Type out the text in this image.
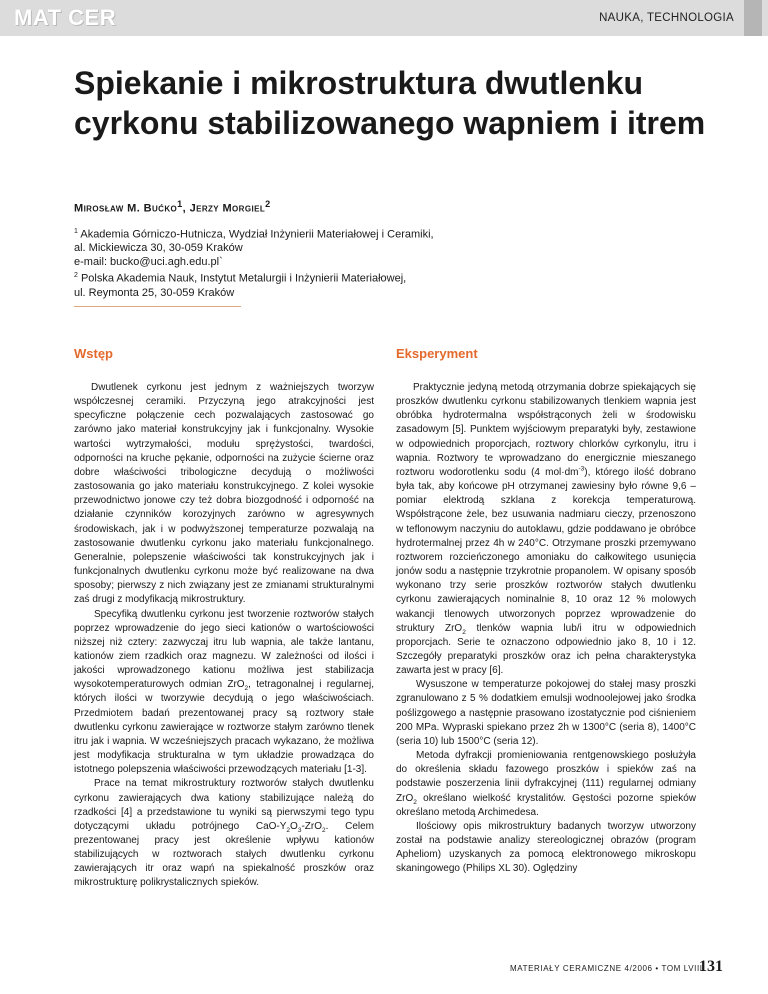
MAT CER	NAUKA, TECHNOLOGIA
Spiekanie i mikrostruktura dwutlenku cyrkonu stabilizowanego wapniem i itrem
Mirosław M. Bućko$^1$, Jerzy Morgiel$^2$
$^1$ Akademia Górniczo-Hutnicza, Wydział Inżynierii Materiałowej i Ceramiki,
al. Mickiewicza 30, 30-059 Kraków
e-mail: bucko@uci.agh.edu.pl`
$^2$ Polska Akademia Nauk, Instytut Metalurgii i Inżynierii Materiałowej,
ul. Reymonta 25, 30-059 Kraków
Wstęp

Dwutlenek cyrkonu jest jednym z ważniejszych tworzyw współczesnej ceramiki. Przyczyną jego atrakcyjności jest specyficzne połączenie cech pozwalających zastosować go zarówno jako materiał konstrukcyjny jak i funkcjonalny. Wysokie wartości wytrzymałości, modułu sprężystości, twardości, odporności na kruche pękanie, odporności na zużycie ścierne oraz dobre właściwości tribologiczne decydują o możliwości zastosowania go jako materiału konstrukcyjnego. Z kolei wysokie przewodnictwo jonowe czy też dobra biozgodność i odporność na działanie czynników korozyjnych zarówno w agresywnych środowiskach, jak i w podwyższonej temperaturze pozwalają na zastosowanie dwutlenku cyrkonu jako materiału funkcjonalnego. Generalnie, polepszenie właściwości tak konstrukcyjnych jak i funkcjonalnych dwutlenku cyrkonu może być realizowane na dwa sposoby; pierwszy z nich związany jest ze zmianami strukturalnymi zaś drugi z modyfikacją mikrostruktury.

Specyfiką dwutlenku cyrkonu jest tworzenie roztworów stałych poprzez wprowadzenie do jego sieci kationów o wartościowości niższej niż cztery: zazwyczaj itru lub wapnia, ale także lantanu, kationów ziem rzadkich oraz magnezu. W zależności od ilości i jakości wprowadzonego kationu możliwa jest stabilizacja wysokotemperaturowych odmian ZrO$_2$, tetragonalnej i regularnej, których ilości w tworzywie decydują o jego właściwościach. Przedmiotem badań prezentowanej pracy są roztwory stałe dwutlenku cyrkonu zawierające w roztworze stałym zarówno tlenek itru jak i wapnia. W wcześniejszych pracach wykazano, że możliwa jest modyfikacja strukturalna w tym układzie prowadząca do istotnego polepszenia właściwości przewodzących materiału [1-3].

Prace na temat mikrostruktury roztworów stałych dwutlenku cyrkonu zawierających dwa kationy stabilizujące należą do rzadkości [4] a przedstawione tu wyniki są pierwszymi tego typu dotyczącymi układu potrójnego CaO-$Y_2O_3-ZrO_2$. Celem prezentowanej pracy jest określenie wpływu kationów stabilizujących w roztworach stałych dwutlenku cyrkonu zawierających itr oraz wapń na spiekalność proszków oraz mikrostrukturę polikrystalicznych spieków.

Eksperyment

Praktycznie jedyną metodą otrzymania dobrze spiekających się proszków dwutlenku cyrkonu stabilizowanych tlenkiem wapnia jest obróbka hydrotermalna współstrąconych żeli w środowisku zasadowym [5]. Punktem wyjściowym preparatyki były, zestawione w odpowiednich proporcjach, roztwory chlorków cyrkonylu, itru i wapnia. Roztwory te wprowadzano do energicznie mieszanego roztworu wodorotlenku sodu (4 $mol\cdot dm^{-3}$), którego ilość dobrano była tak, aby końcowe pH otrzymanej zawiesiny było równe 9,6 – pomiar elektrodą szklana z korekcja temperaturową. Współstrącone żele, bez usuwania nadmiaru cieczy, przenoszono w teflonowym naczyniu do autoklawu, gdzie poddawano je obróbce hydrotermalnej przez 4h w 240°C. Otrzymane proszki przemywano roztworem rozcieńczonego amoniaku do całkowitego usunięcia jonów sodu a następnie trzykrotnie propanolem. W opisany sposób wykonano trzy serie proszków roztworów stałych dwutlenku cyrkonu zawierających nominalnie 8, 10 oraz 12 % molowych wakancji tlenowych utworzonych poprzez wprowadzenie do struktury ZrO$_2$ tlenków wapnia lub/i itru w odpowiednich proporcjach. Serie te oznaczono odpowiednio jako 8, 10 i 12. Szczegóły preparatyki proszków oraz ich pełna charakterystyka zawarta jest w pracy [6].

Wysuszone w temperaturze pokojowej do stałej masy proszki zgranulowano z 5 % dodatkiem emulsji wodnoolejowej jako środka poślizgowego a następnie prasowano izostatycznie pod ciśnieniem 200 MPa. Wypraski spiekano przez 2h w 1300°C (seria 8), 1400°C (seria 10) lub 1500°C (seria 12).

Metoda dyfrakcji promieniowania rentgenowskiego posłużyła do określenia składu fazowego proszków i spieków zaś na podstawie poszerzenia linii dyfrakcyjnej (111) regularnej odmiany ZrO$_2$ określano wielkość krystalitów. Gęstości pozorne spieków określano metodą Archimedesa.

Ilościowy opis mikrostruktury badanych tworzyw utworzony został na podstawie analizy stereologicznej obrazów (program Apheliom) uzyskanych za pomocą elektronowego mikroskopu skaningowego (Philips XL 30). Oględziny

MATERIAŁY CERAMICZNE 4/2006 • TOM LVIII
131
